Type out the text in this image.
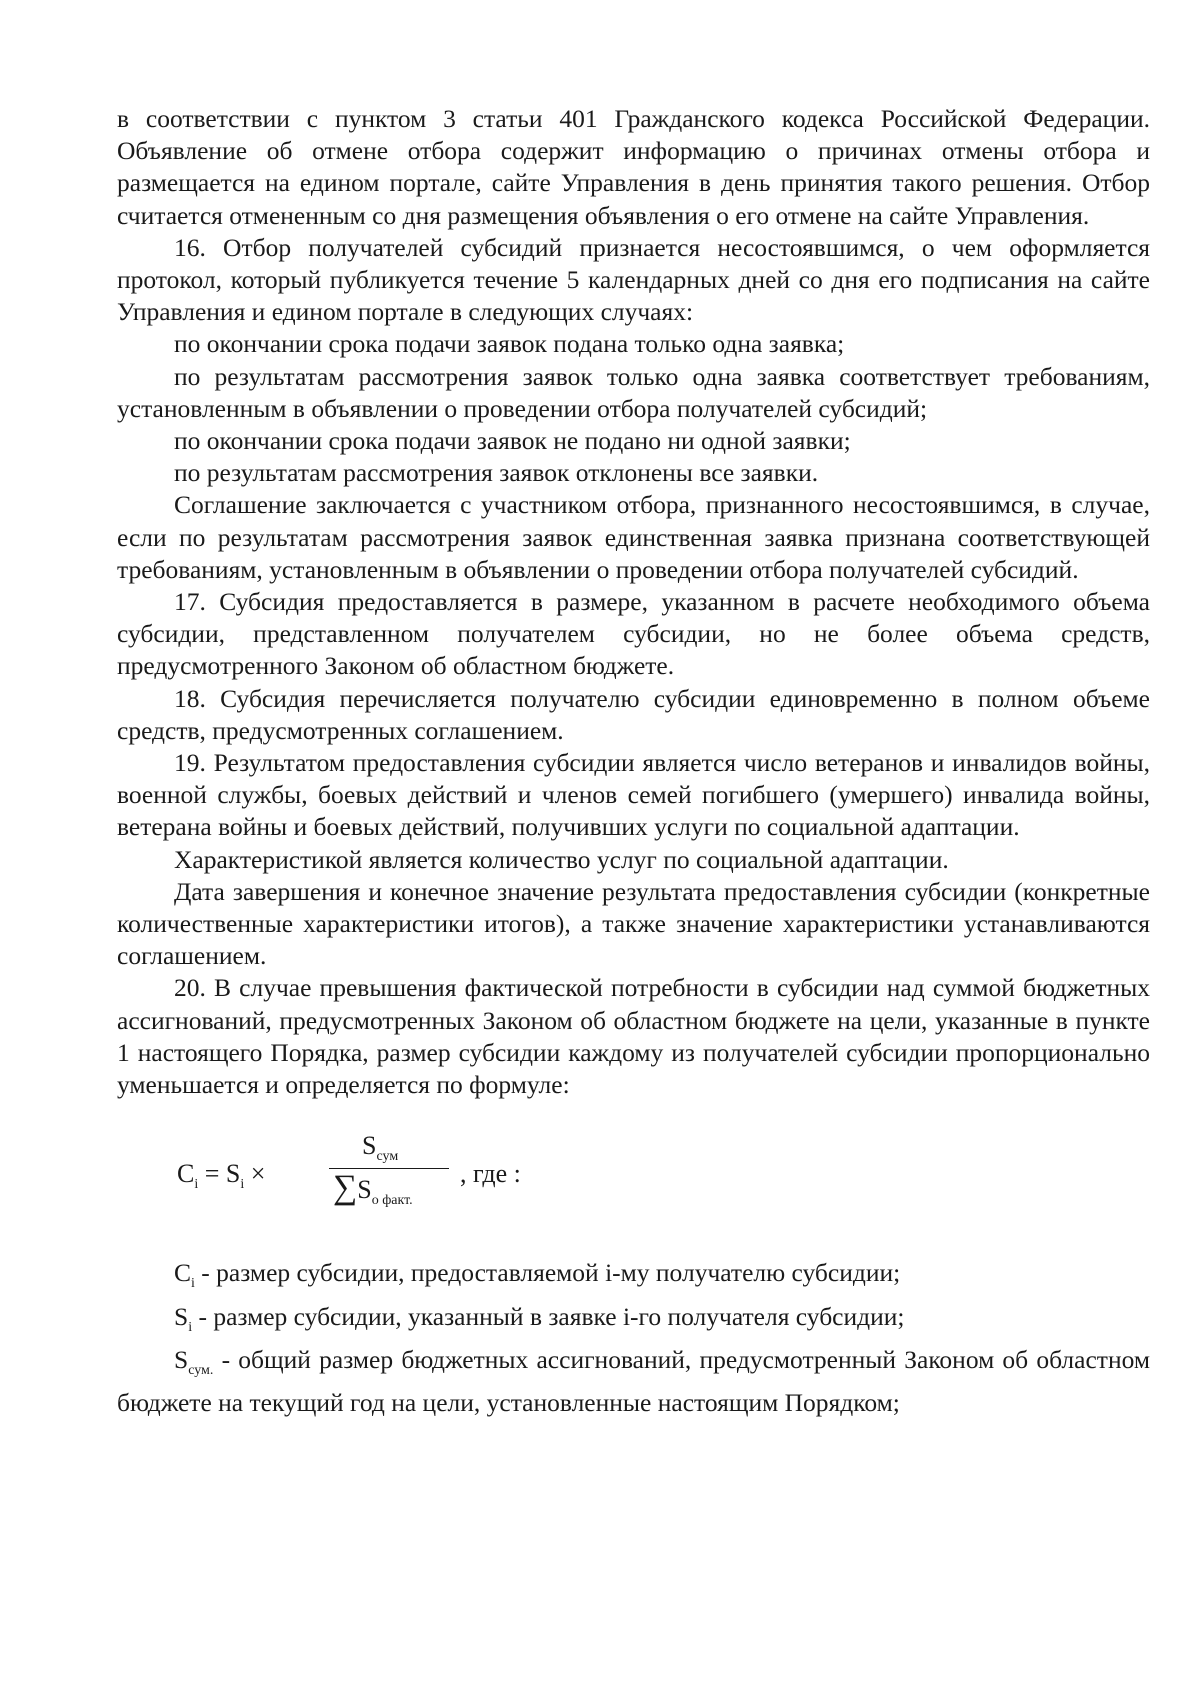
в соответствии с пунктом 3 статьи 401 Гражданского кодекса Российской Федерации. Объявление об отмене отбора содержит информацию о причинах отмены отбора и размещается на едином портале, сайте Управления в день принятия такого решения. Отбор считается отмененным со дня размещения объявления о его отмене на сайте Управления.

16. Отбор получателей субсидий признается несостоявшимся, о чем оформляется протокол, который публикуется течение 5 календарных дней со дня его подписания на сайте Управления и едином портале в следующих случаях:

по окончании срока подачи заявок подана только одна заявка;

по результатам рассмотрения заявок только одна заявка соответствует требованиям, установленным в объявлении о проведении отбора получателей субсидий;

по окончании срока подачи заявок не подано ни одной заявки;

по результатам рассмотрения заявок отклонены все заявки.

Соглашение заключается с участником отбора, признанного несостоявшимся, в случае, если по результатам рассмотрения заявок единственная заявка признана соответствующей требованиям, установленным в объявлении о проведении отбора получателей субсидий.

17. Субсидия предоставляется в размере, указанном в расчете необходимого объема субсидии, представленном получателем субсидии, но не более объема средств, предусмотренного Законом об областном бюджете.

18. Субсидия перечисляется получателю субсидии единовременно в полном объеме средств, предусмотренных соглашением.

19. Результатом предоставления субсидии является число ветеранов и инвалидов войны, военной службы, боевых действий и членов семей погибшего (умершего) инвалида войны, ветерана войны и боевых действий, получивших услуги по социальной адаптации.

Характеристикой является количество услуг по социальной адаптации.

Дата завершения и конечное значение результата предоставления субсидии (конкретные количественные характеристики итогов), а также значение характеристики устанавливаются соглашением.

20. В случае превышения фактической потребности в субсидии над суммой бюджетных ассигнований, предусмотренных Законом об областном бюджете на цели, указанные в пункте 1 настоящего Порядка, размер субсидии каждому из получателей субсидии пропорционально уменьшается и определяется по формуле:

$C_i = S_i$ ×
$S_{сум}$
$\sum S_{о факт.}$
, где :

$C_i$ - размер субсидии, предоставляемой i-му получателю субсидии;

$S_i$ - размер субсидии, указанный в заявке i-го получателя субсидии;

$S_{сум.}$ - общий размер бюджетных ассигнований, предусмотренный Законом об областном бюджете на текущий год на цели, установленные настоящим Порядком;
